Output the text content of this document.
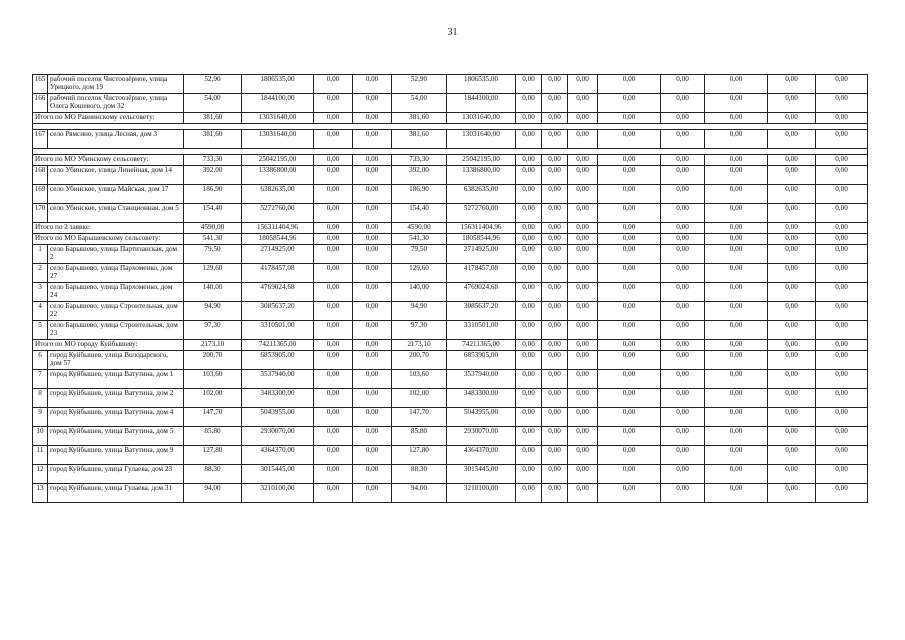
31
165	рабочий поселок Чистоозёрное, улица Урицкого, дом 19	52,90	1806535,00	0,00	0,00	52,90	1806535,00	0,00	0,00	0,00	0,00	0,00	0,00	0,00	0,00
166	рабочий поселок Чистоозёрное, улица Олега Кошевого, дом 32	54,00	1844100,00	0,00	0,00	54,00	1844100,00	0,00	0,00	0,00	0,00	0,00	0,00	0,00	0,00
Итого по МО Равнинскому сельсовету:		381,60	13031640,00	0,00	0,00	381,60	13031640,00	0,00	0,00	0,00	0,00	0,00	0,00	0,00	0,00

167	село Рямсино, улица Лесная, дом 3	381,60	13031640,00	0,00	0,00	381,60	13031640,00	0,00	0,00	0,00	0,00	0,00	0,00	0,00	0,00

Итого по МО Убинскому сельсовету:		733,30	25042195,00	0,00	0,00	733,30	25042195,00	0,00	0,00	0,00	0,00	0,00	0,00	0,00	0,00
168	село Убинское, улица Линейная, дом 14	392,00	13386800,00	0,00	0,00	392,00	13386800,00	0,00	0,00	0,00	0,00	0,00	0,00	0,00	0,00
169	село Убинское, улица Майская, дом 17	186,90	6382635,00	0,00	0,00	186,90	6382635,00	0,00	0,00	0,00	0,00	0,00	0,00	0,00	0,00
170	село Убинское, улица Станционная, дом 5	154,40	5272760,00	0,00	0,00	154,40	5272760,00	0,00	0,00	0,00	0,00	0,00	0,00	0,00	0,00
Итого по 2 заявке:		4590,00	156311404,96	0,00	0,00	4590,00	156311404,96	0,00	0,00	0,00	0,00	0,00	0,00	0,00	0,00
Итого по МО Барышевскому сельсовету:		541,30	18058544,96	0,00	0,00	541,30	18058544,96	0,00	0,00	0,00	0,00	0,00	0,00	0,00	0,00
1	село Барышево, улица Партизанская, дом 2	79,50	2714925,00	0,00	0,00	79,50	2714925,00	0,00	0,00	0,00	0,00	0,00	0,00	0,00	0,00
2	село Барышево, улица Пархоменко, дом 27	129,60	4178457,08	0,00	0,00	129,60	4178457,08	0,00	0,00	0,00	0,00	0,00	0,00	0,00	0,00
3	село Барышево, улица Пархоменко, дом 24	140,00	4769024,68	0,00	0,00	140,00	4769024,68	0,00	0,00	0,00	0,00	0,00	0,00	0,00	0,00
4	село Барышево, улица Строительная, дом 22	94,90	3085637,20	0,00	0,00	94,90	3085637,20	0,00	0,00	0,00	0,00	0,00	0,00	0,00	0,00
5	село Барышево, улица Строительная, дом 23	97,30	3310501,00	0,00	0,00	97,30	3310501,00	0,00	0,00	0,00	0,00	0,00	0,00	0,00	0,00
Итого по МО городу Куйбышеву:		2173,10	74211365,00	0,00	0,00	2173,10	74211365,00	0,00	0,00	0,00	0,00	0,00	0,00	0,00	0,00
6	город Куйбышев, улица Володарского, дом 57	200,70	6853905,00	0,00	0,00	200,70	6853905,00	0,00	0,00	0,00	0,00	0,00	0,00	0,00	0,00
7	город Куйбышев, улица Ватутина, дом 1	103,60	3537940,00	0,00	0,00	103,60	3537940,00	0,00	0,00	0,00	0,00	0,00	0,00	0,00	0,00
8	город Куйбышев, улица Ватутина, дом 2	102,00	3483300,00	0,00	0,00	102,00	3483300,00	0,00	0,00	0,00	0,00	0,00	0,00	0,00	0,00
9	город Куйбышев, улица Ватутина, дом 4	147,70	5043955,00	0,00	0,00	147,70	5043955,00	0,00	0,00	0,00	0,00	0,00	0,00	0,00	0,00
10	город Куйбышев, улица Ватутина, дом 5	85,80	2930070,00	0,00	0,00	85,80	2930070,00	0,00	0,00	0,00	0,00	0,00	0,00	0,00	0,00
11	город Куйбышев, улица Ватутина, дом 9	127,80	4364370,00	0,00	0,00	127,80	4364370,00	0,00	0,00	0,00	0,00	0,00	0,00	0,00	0,00
12	город Куйбышев, улица Гулаева, дом 23	88,30	3015445,00	0,00	0,00	88,30	3015445,00	0,00	0,00	0,00	0,00	0,00	0,00	0,00	0,00
13	город Куйбышев, улица Гулаева, дом 31	94,00	3210100,00	0,00	0,00	94,00	3210100,00	0,00	0,00	0,00	0,00	0,00	0,00	0,00	0,00
